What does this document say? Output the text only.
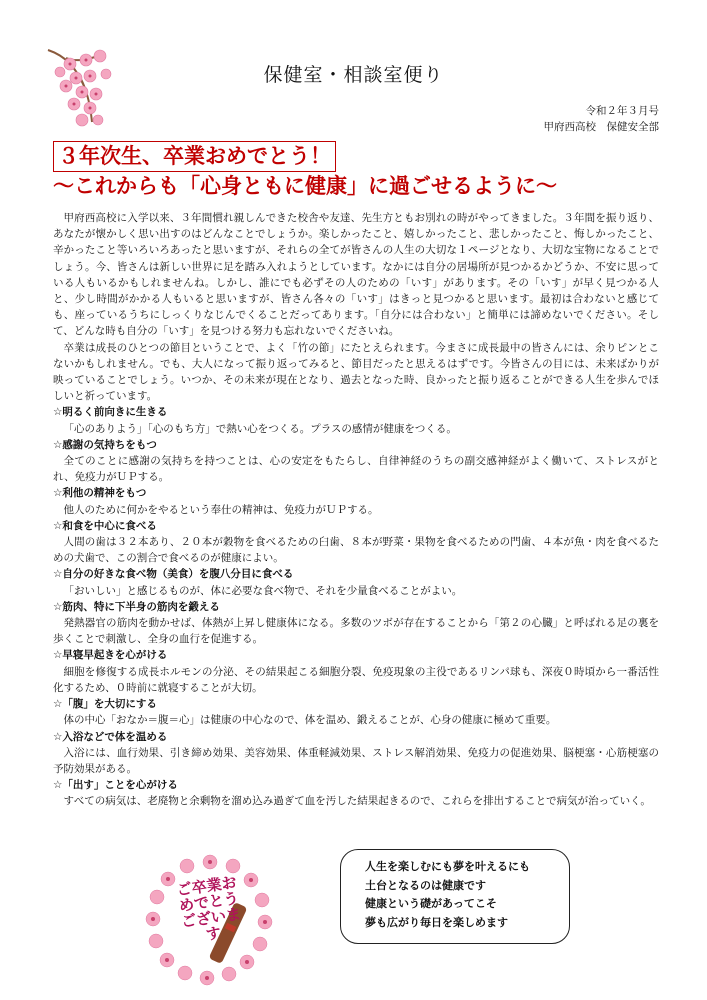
保健室・相談室便り
令和２年３月号
甲府西高校　保健安全部
３年次生、卒業おめでとう！
～これからも「心身ともに健康」に過ごせるように～

甲府西高校に入学以来、３年間慣れ親しんできた校舎や友達、先生方ともお別れの時がやってきました。３年間を振り返り、あなたが懐かしく思い出すのはどんなことでしょうか。楽しかったこと、嬉しかったこと、悲しかったこと、悔しかったこと、辛かったこと等いろいろあったと思いますが、それらの全てが皆さんの人生の大切な１ページとなり、大切な宝物になることでしょう。今、皆さんは新しい世界に足を踏み入れようとしています。なかには自分の居場所が見つかるかどうか、不安に思っている人もいるかもしれませんね。しかし、誰にでも必ずその人のための「いす」があります。その「いす」が早く見つかる人と、少し時間がかかる人もいると思いますが、皆さん各々の「いす」はきっと見つかると思います。最初は合わないと感じても、座っているうちにしっくりなじんでくることだってあります。「自分には合わない」と簡単には諦めないでください。そして、どんな時も自分の「いす」を見つける努力も忘れないでくださいね。

卒業は成長のひとつの節目ということで、よく「竹の節」にたとえられます。今まさに成長最中の皆さんには、余りピンとこないかもしれません。でも、大人になって振り返ってみると、節目だったと思えるはずです。今皆さんの目には、未来ばかりが映っていることでしょう。いつか、その未来が現在となり、過去となった時、良かったと振り返ることができる人生を歩んでほしいと祈っています。

☆明るく前向きに生きる
「心のありよう」「心のもち方」で熱い心をつくる。プラスの感情が健康をつくる。
☆感謝の気持ちをもつ
全てのことに感謝の気持ちを持つことは、心の安定をもたらし、自律神経のうちの副交感神経がよく働いて、ストレスがとれ、免疫力がＵＰする。
☆利他の精神をもつ
他人のために何かをやるという奉仕の精神は、免疫力がＵＰする。
☆和食を中心に食べる
人間の歯は３２本あり、２０本が穀物を食べるための臼歯、８本が野菜・果物を食べるための門歯、４本が魚・肉を食べるための犬歯で、この割合で食べるのが健康によい。
☆自分の好きな食べ物（美食）を腹八分目に食べる
「おいしい」と感じるものが、体に必要な食べ物で、それを少量食べることがよい。
☆筋肉、特に下半身の筋肉を鍛える
発熱器官の筋肉を動かせば、体熱が上昇し健康体になる。多数のツボが存在することから「第２の心臓」と呼ばれる足の裏を歩くことで刺激し、全身の血行を促進する。
☆早寝早起きを心がける
細胞を修復する成長ホルモンの分泌、その結果起こる細胞分裂、免疫現象の主役であるリンパ球も、深夜０時頃から一番活性化するため、０時前に就寝することが大切。
☆「腹」を大切にする
体の中心「おなか＝腹＝心」は健康の中心なので、体を温め、鍛えることが、心身の健康に極めて重要。
☆入浴などで体を温める
入浴には、血行効果、引き締め効果、美容効果、体重軽減効果、ストレス解消効果、免疫力の促進効果、脳梗塞・心筋梗塞の予防効果がある。
☆「出す」ことを心がける
すべての病気は、老廃物と余剰物を溜め込み過ぎて血を汚した結果起きるので、これらを排出することで病気が治っていく。
ご卒業おめでとうございます
人生を楽しむにも夢を叶えるにも
土台となるのは健康です
健康という礎があってこそ
夢も広がり毎日を楽しめます
